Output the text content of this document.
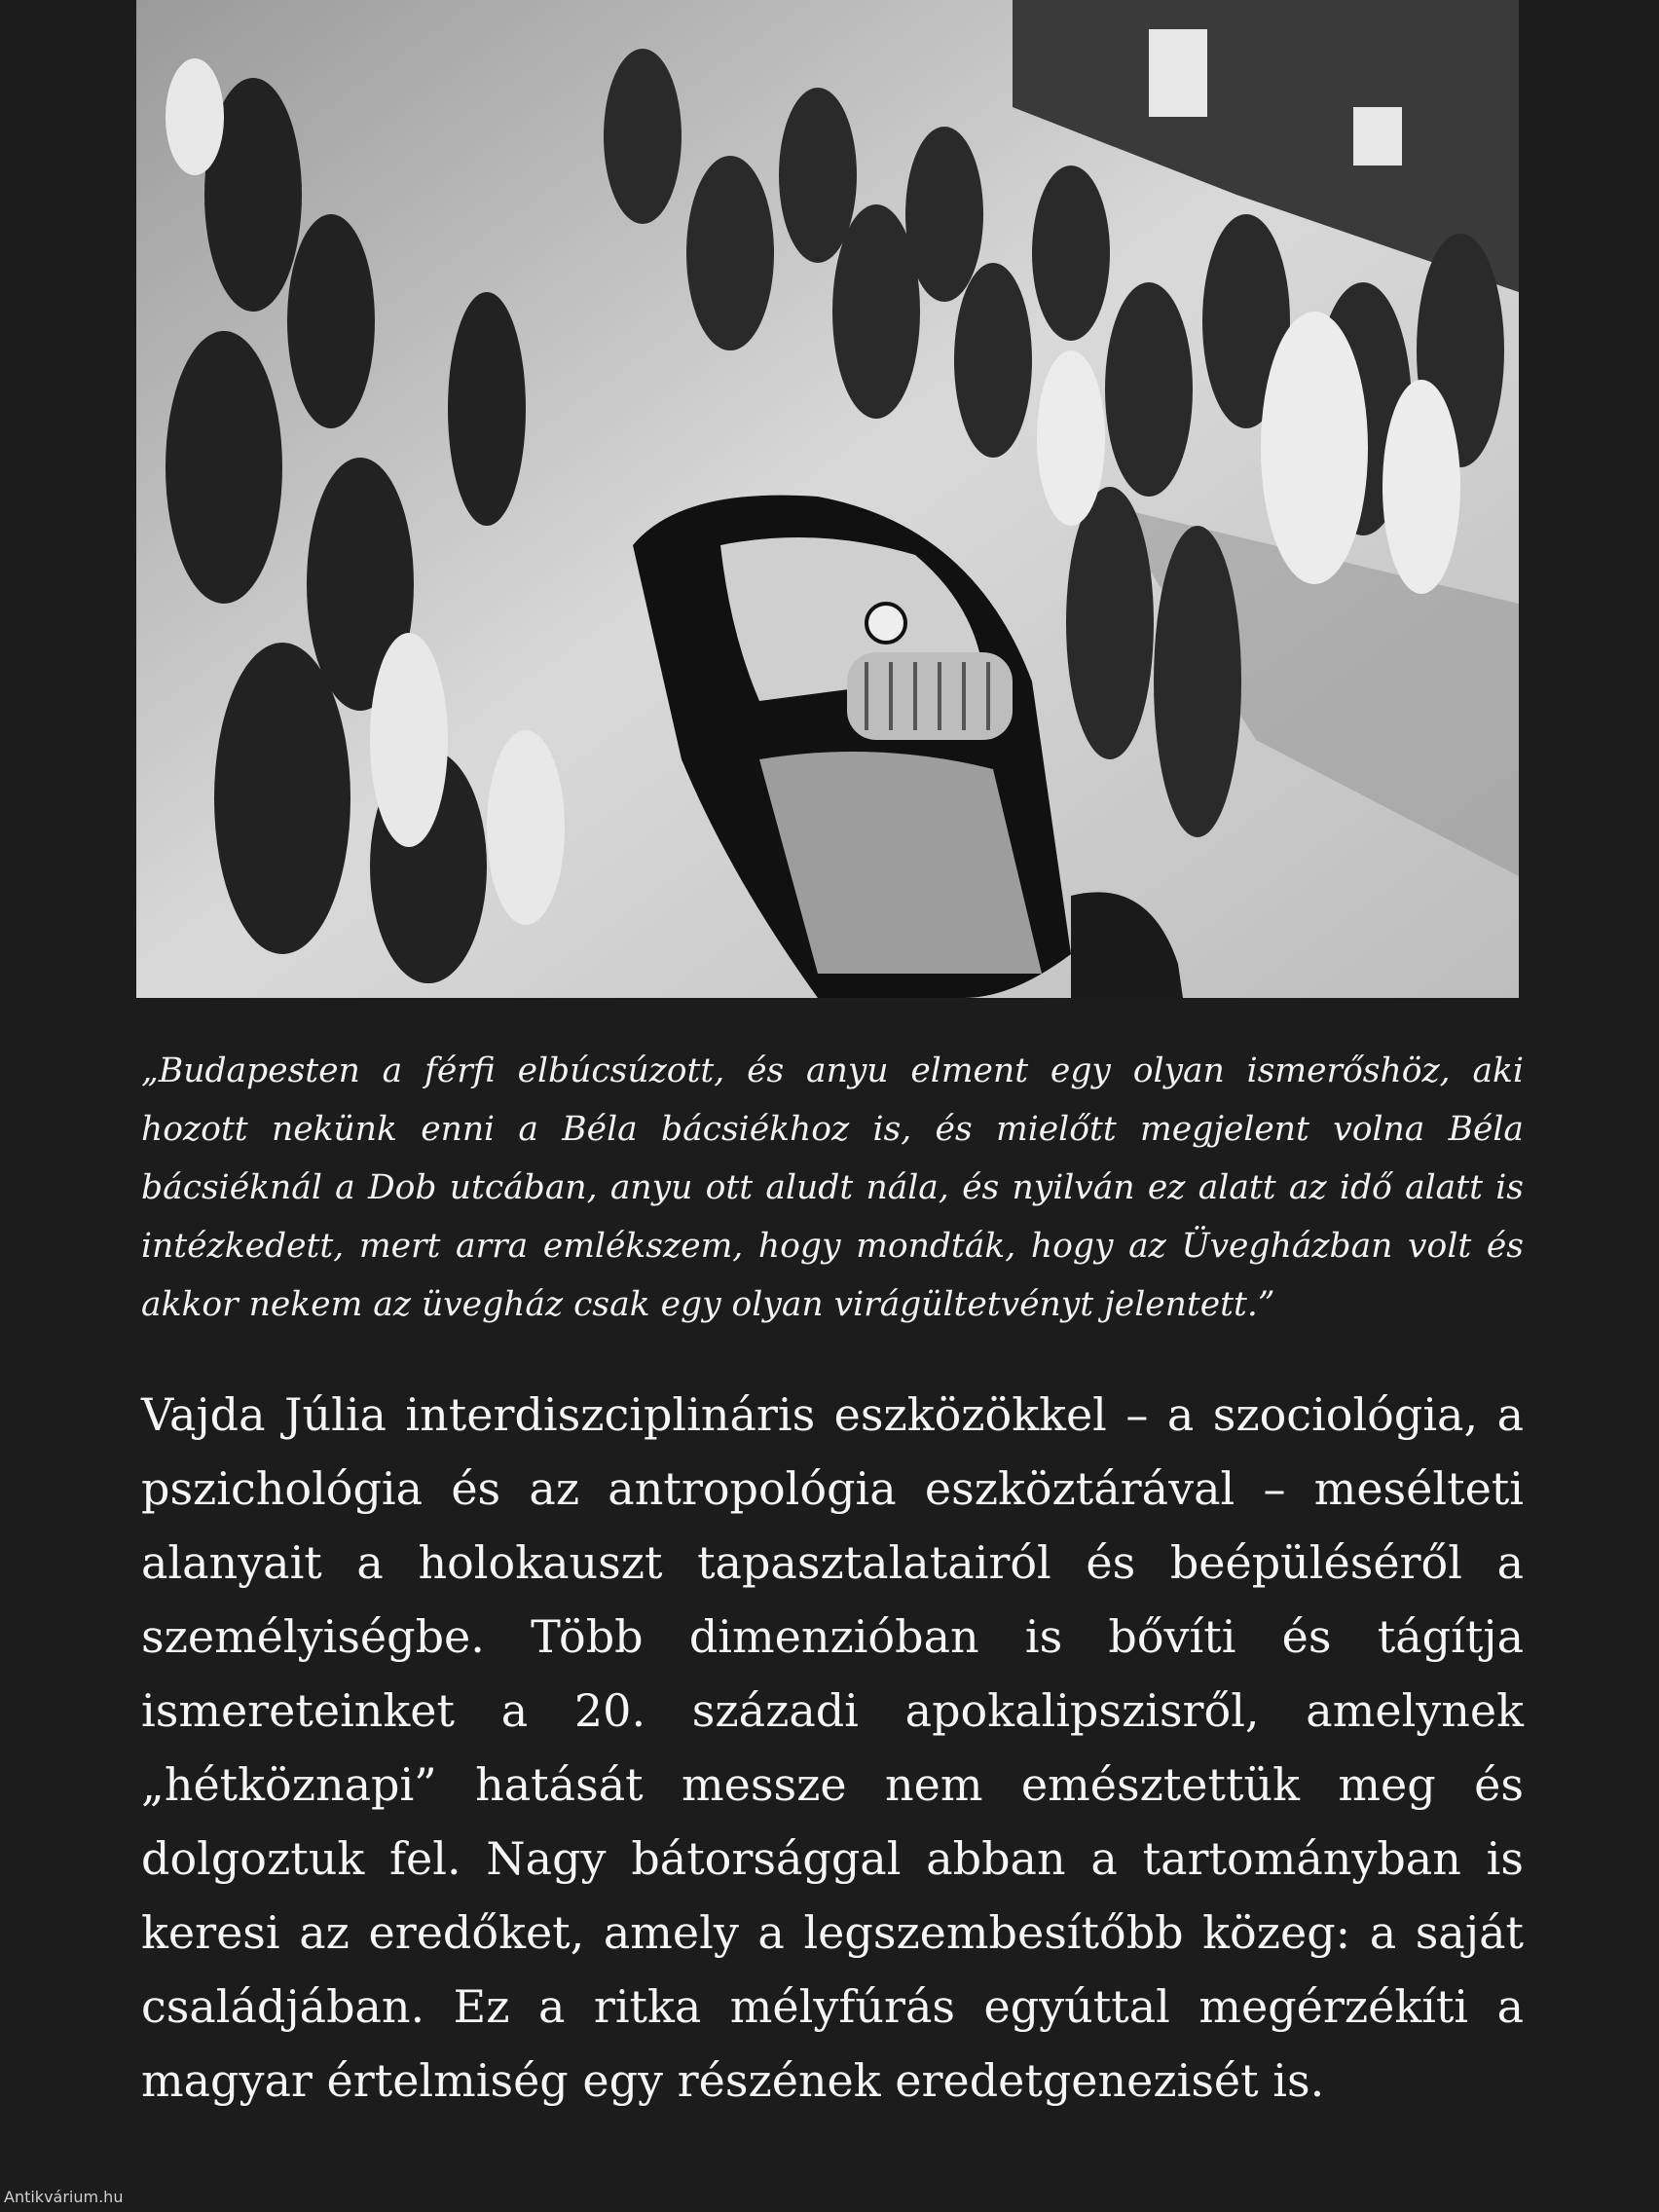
„Budapesten a férfi elbúcsúzott, és anyu elment egy olyan ismerőshöz, aki hozott nekünk enni a Béla bácsiékhoz is, és mielőtt megjelent volna Béla bácsiéknál a Dob utcában, anyu ott aludt nála, és nyilván ez alatt az idő alatt is intézkedett, mert arra emlékszem, hogy mondták, hogy az Üvegházban volt és akkor nekem az üvegház csak egy olyan virágültetvényt jelentett.”

Vajda Júlia interdiszciplináris eszközökkel – a szociológia, a pszichológia és az antropológia eszköztárával – mesélteti alanyait a holokauszt tapasztalatairól és beépüléséről a személyiségbe. Több dimenzióban is bővíti és tágítja ismereteinket a 20. századi apokalipszisről, amelynek „hétköznapi” hatását messze nem emésztettük meg és dolgoztuk fel. Nagy bátorsággal abban a tartományban is keresi az eredőket, amely a legszembesítőbb közeg: a saját családjában. Ez a ritka mélyfúrás egyúttal megérzékíti a magyar értelmiség egy részének eredetgenezisét is.

Antikvárium.hu
